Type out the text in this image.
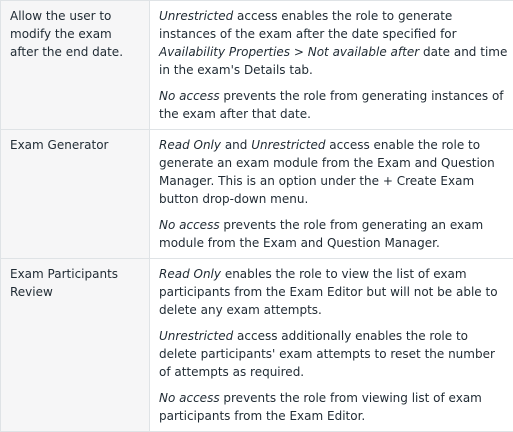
Allow the user to modify the exam after the end date.	Unrestricted access enables the role to generate instances of the exam after the date specified for Availability Properties > Not available after date and time in the exam's Details tab.

No access prevents the role from generating instances of the exam after that date.

Exam Generator	Read Only and Unrestricted access enable the role to generate an exam module from the Exam and Question Manager. This is an option under the + Create Exam button drop-down menu.

No access prevents the role from generating an exam module from the Exam and Question Manager.

Exam Participants Review	Read Only enables the role to view the list of exam participants from the Exam Editor but will not be able to delete any exam attempts.

Unrestricted access additionally enables the role to delete participants' exam attempts to reset the number of attempts as required.

No access prevents the role from viewing list of exam participants from the Exam Editor.
